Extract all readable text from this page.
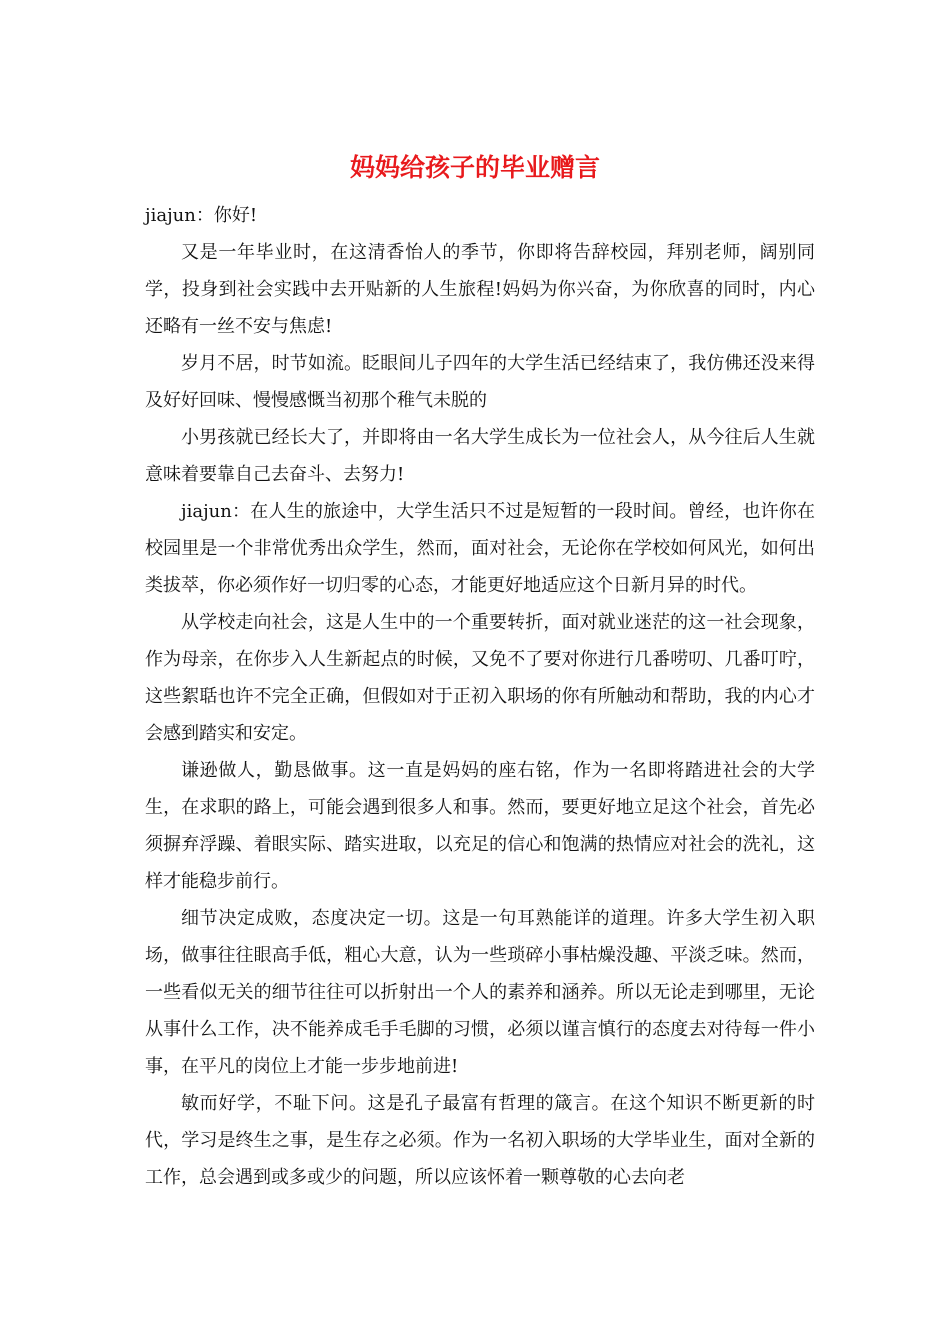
妈妈给孩子的毕业赠言

jiajun：你好!

又是一年毕业时，在这清香怡人的季节，你即将告辞校园，拜别老师，阔别同学，投身到社会实践中去开贴新的人生旅程!妈妈为你兴奋，为你欣喜的同时，内心还略有一丝不安与焦虑!

岁月不居，时节如流。眨眼间儿子四年的大学生活已经结束了，我仿佛还没来得及好好回味、慢慢感慨当初那个稚气未脱的

小男孩就已经长大了，并即将由一名大学生成长为一位社会人，从今往后人生就意味着要靠自己去奋斗、去努力!

jiajun：在人生的旅途中，大学生活只不过是短暂的一段时间。曾经，也许你在校园里是一个非常优秀出众学生，然而，面对社会，无论你在学校如何风光，如何出类拔萃，你必须作好一切归零的心态，才能更好地适应这个日新月异的时代。

从学校走向社会，这是人生中的一个重要转折，面对就业迷茫的这一社会现象，作为母亲，在你步入人生新起点的时候，又免不了要对你进行几番唠叨、几番叮咛，这些絮聒也许不完全正确，但假如对于正初入职场的你有所触动和帮助，我的内心才会感到踏实和安定。

谦逊做人，勤恳做事。这一直是妈妈的座右铭，作为一名即将踏进社会的大学生，在求职的路上，可能会遇到很多人和事。然而，要更好地立足这个社会，首先必须摒弃浮躁、着眼实际、踏实进取，以充足的信心和饱满的热情应对社会的洗礼，这样才能稳步前行。

细节决定成败，态度决定一切。这是一句耳熟能详的道理。许多大学生初入职场，做事往往眼高手低，粗心大意，认为一些琐碎小事枯燥没趣、平淡乏味。然而，一些看似无关的细节往往可以折射出一个人的素养和涵养。所以无论走到哪里，无论从事什么工作，决不能养成毛手毛脚的习惯，必须以谨言慎行的态度去对待每一件小事，在平凡的岗位上才能一步步地前进!

敏而好学，不耻下问。这是孔子最富有哲理的箴言。在这个知识不断更新的时代，学习是终生之事，是生存之必须。作为一名初入职场的大学毕业生，面对全新的工作，总会遇到或多或少的问题，所以应该怀着一颗尊敬的心去向老
